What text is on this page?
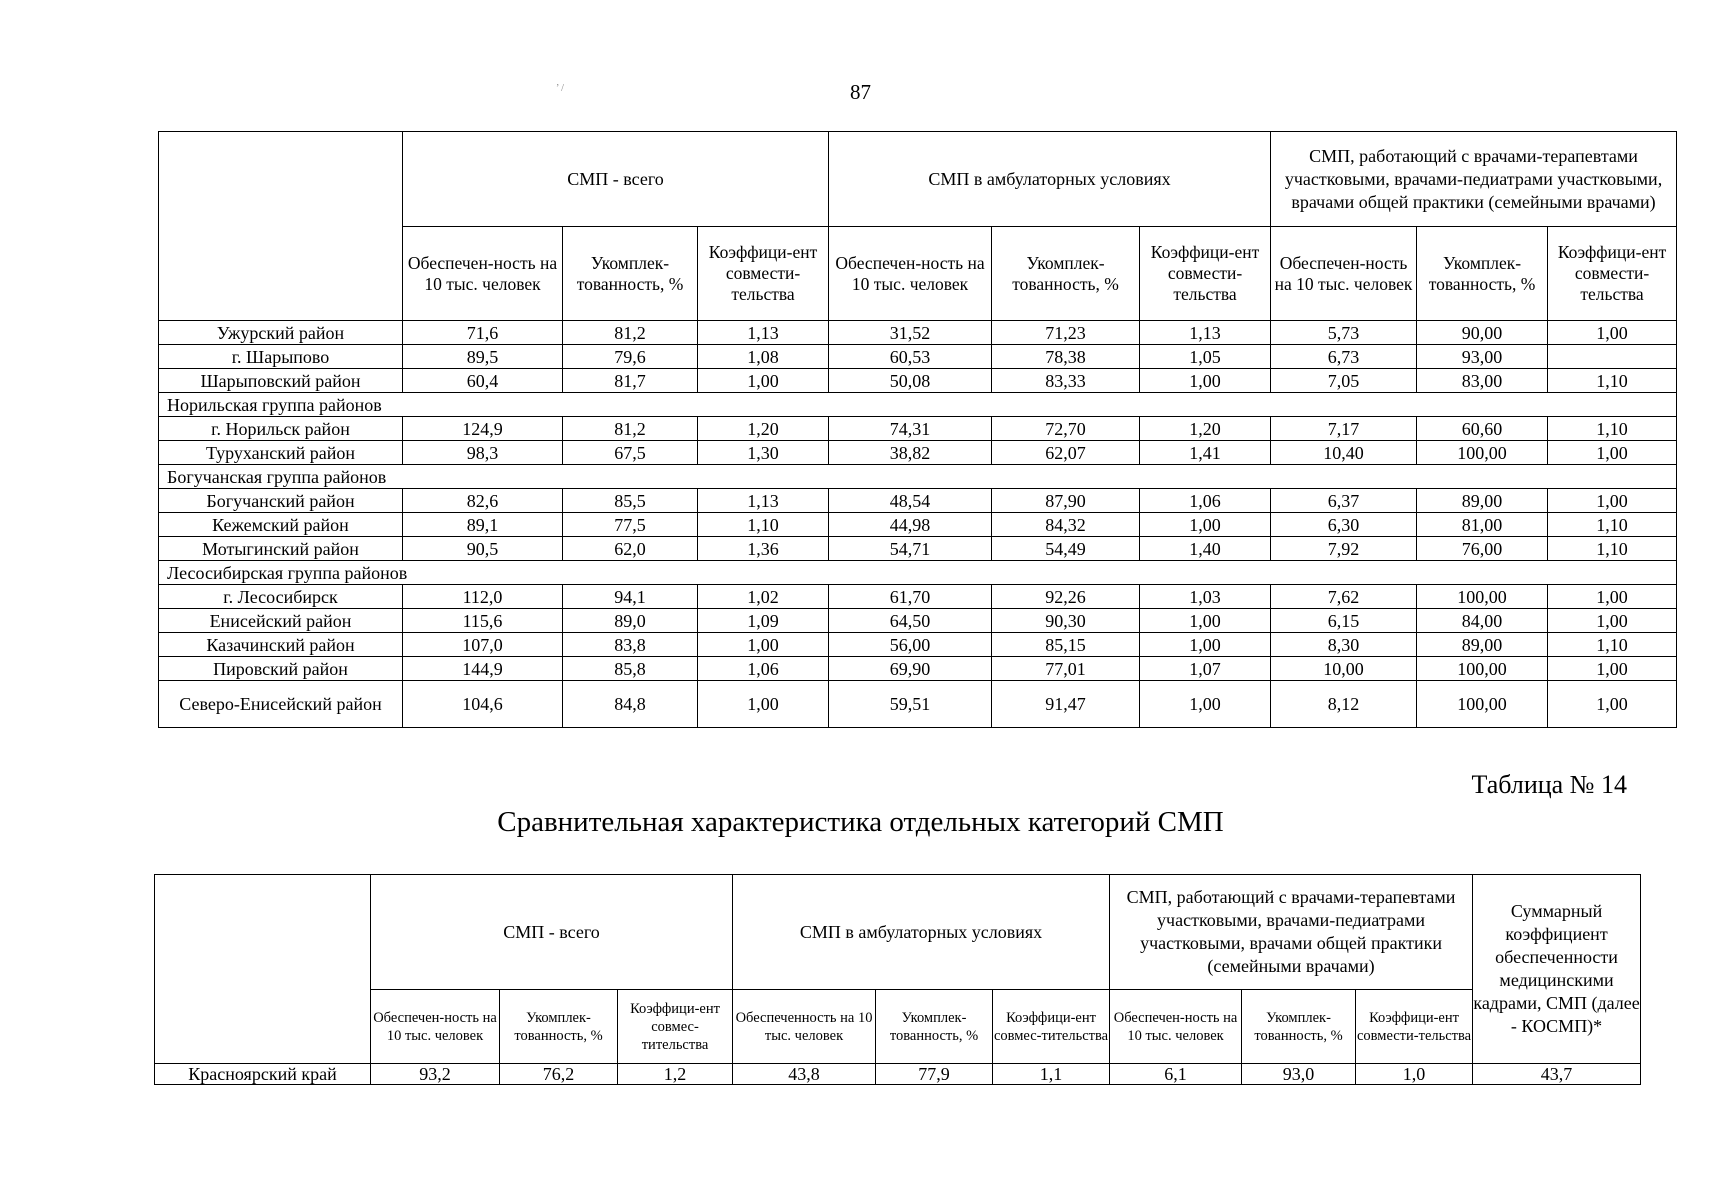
87
’ /
	СМП - всего			СМП в амбулаторных условиях			СМП, работающий с врачами-терапевтами участковыми, врачами-педиатрами участковыми, врачами общей практики (семейными врачами)		
	Обеспечен-ность на 10 тыс. человек	Укомплек-тованность, %	Коэффици-ент совмести-тельства	Обеспечен-ность на 10 тыс. человек	Укомплек-тованность, %	Коэффици-ент совмести-тельства	Обеспечен-ность на 10 тыс. человек	Укомплек-тованность, %	Коэффици-ент совмести-тельства
Ужурский район	71,6	81,2	1,13	31,52	71,23	1,13	5,73	90,00	1,00
г. Шарыпово	89,5	79,6	1,08	60,53	78,38	1,05	6,73	93,00	
Шарыповский район	60,4	81,7	1,00	50,08	83,33	1,00	7,05	83,00	1,10
Норильская группа районов									
г. Норильск район	124,9	81,2	1,20	74,31	72,70	1,20	7,17	60,60	1,10
Туруханский район	98,3	67,5	1,30	38,82	62,07	1,41	10,40	100,00	1,00
Богучанская группа районов									
Богучанский район	82,6	85,5	1,13	48,54	87,90	1,06	6,37	89,00	1,00
Кежемский район	89,1	77,5	1,10	44,98	84,32	1,00	6,30	81,00	1,10
Мотыгинский район	90,5	62,0	1,36	54,71	54,49	1,40	7,92	76,00	1,10
Лесосибирская группа районов									
г. Лесосибирск	112,0	94,1	1,02	61,70	92,26	1,03	7,62	100,00	1,00
Енисейский район	115,6	89,0	1,09	64,50	90,30	1,00	6,15	84,00	1,00
Казачинский район	107,0	83,8	1,00	56,00	85,15	1,00	8,30	89,00	1,10
Пировский район	144,9	85,8	1,06	69,90	77,01	1,07	10,00	100,00	1,00
Северо-Енисейский район	104,6	84,8	1,00	59,51	91,47	1,00	8,12	100,00	1,00
Таблица № 14
Сравнительная характеристика отдельных категорий СМП
	СМП - всего			СМП в амбулаторных условиях			СМП, работающий с врачами-терапевтами участковыми, врачами-педиатрами участковыми, врачами общей практики (семейными врачами)			Суммарный коэффициент обеспеченности медицинскими кадрами, СМП (далее - КОСМП)*
	Обеспечен-ность на 10 тыс. человек	Укомплек-тованность, %	Коэффици-ент совмес-тительства	Обеспеченность на 10 тыс. человек	Укомплек-тованность, %	Коэффици-ент совмес-тительства	Обеспечен-ность на 10 тыс. человек	Укомплек-тованность, %	Коэффици-ент совмести-тельства	
Красноярский край	93,2	76,2	1,2	43,8	77,9	1,1	6,1	93,0	1,0	43,7
